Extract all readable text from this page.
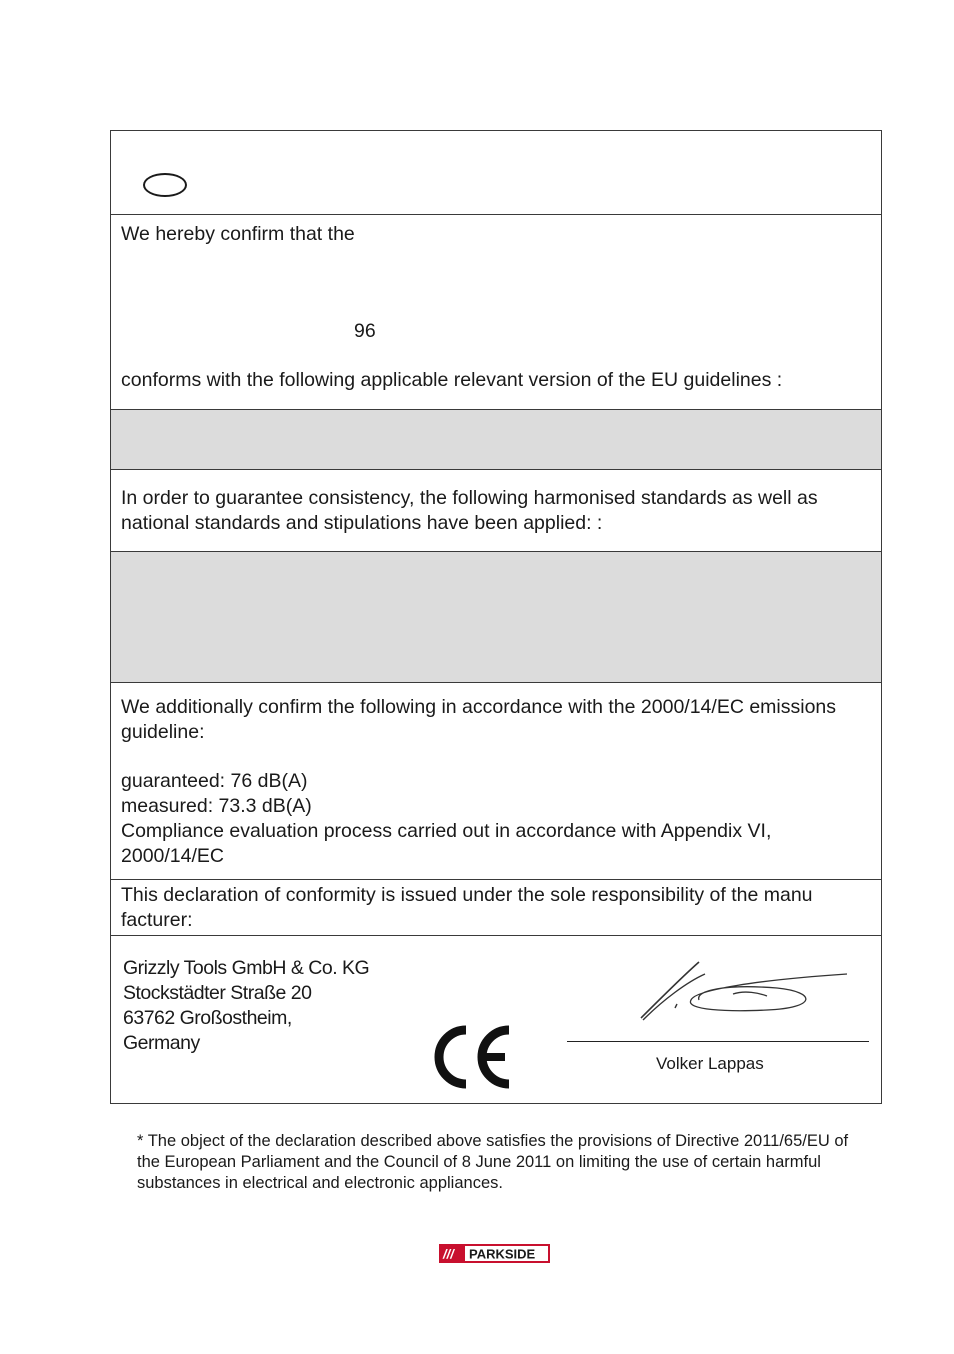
We hereby confirm that the
96
conforms with the following applicable relevant version of the EU guidelines :
In order to guarantee consistency, the following harmonised standards as well as national standards and stipulations have been applied: :
We additionally confirm the following in accordance with the 2000/14/EC emissions guideline:
guaranteed: 76 dB(A)
measured: 73.3 dB(A)
Compliance evaluation process carried out in accordance with Appendix VI, 2000/14/EC
This declaration of conformity is issued under the sole responsibility of the manu facturer:
Grizzly Tools GmbH & Co. KG
Stockstädter Straße 20
63762 Großostheim,
Germany
Volker Lappas
* The object of the declaration described above satisfies the provisions of Directive 2011/65/EU of the European Parliament and the Council of 8 June 2011 on limiting the use of certain harmful substances in electrical and electronic appliances.
/// PARKSIDE
